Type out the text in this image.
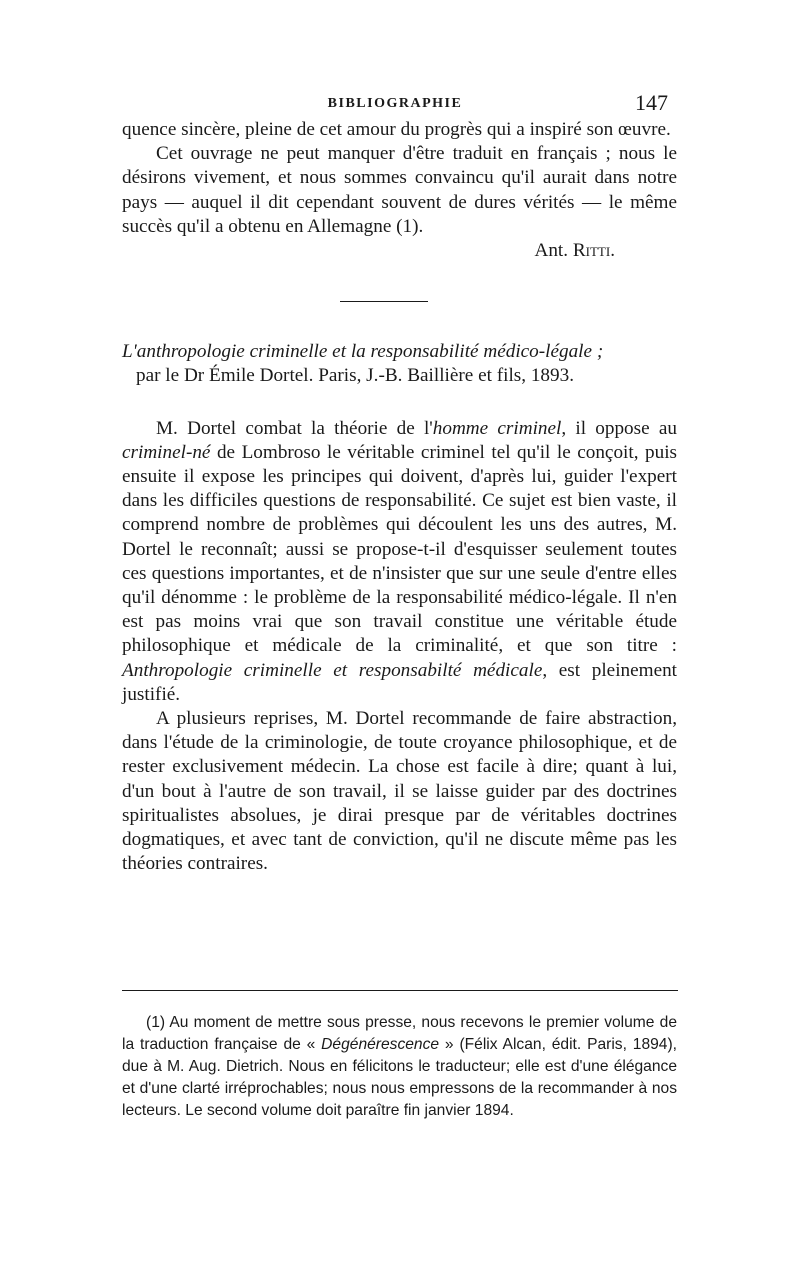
BIBLIOGRAPHIE	147

quence sincère, pleine de cet amour du progrès qui a inspiré son œuvre.

Cet ouvrage ne peut manquer d'être traduit en français ; nous le désirons vivement, et nous sommes convaincu qu'il aurait dans notre pays — auquel il dit cependant souvent de dures vérités — le même succès qu'il a obtenu en Allemagne (1).

Ant. Ritti.

L'anthropologie criminelle et la responsabilité médico-légale ;
par le Dr Émile Dortel. Paris, J.-B. Baillière et fils, 1893.

M. Dortel combat la théorie de l'homme criminel, il oppose au criminel-né de Lombroso le véritable criminel tel qu'il le conçoit, puis ensuite il expose les principes qui doivent, d'après lui, guider l'expert dans les difficiles questions de responsabilité. Ce sujet est bien vaste, il comprend nombre de problèmes qui découlent les uns des autres, M. Dortel le reconnaît; aussi se propose-t-il d'esquisser seulement toutes ces questions importantes, et de n'insister que sur une seule d'entre elles qu'il dénomme : le problème de la responsabilité médico-légale. Il n'en est pas moins vrai que son travail constitue une véritable étude philosophique et médicale de la criminalité, et que son titre : Anthropologie criminelle et responsabilté médicale, est pleinement justifié.

A plusieurs reprises, M. Dortel recommande de faire abstraction, dans l'étude de la criminologie, de toute croyance philosophique, et de rester exclusivement médecin. La chose est facile à dire; quant à lui, d'un bout à l'autre de son travail, il se laisse guider par des doctrines spiritualistes absolues, je dirai presque par de véritables doctrines dogmatiques, et avec tant de conviction, qu'il ne discute même pas les théories contraires.

(1) Au moment de mettre sous presse, nous recevons le premier volume de la traduction française de « Dégénérescence » (Félix Alcan, édit. Paris, 1894), due à M. Aug. Dietrich. Nous en félicitons le traducteur; elle est d'une élégance et d'une clarté irréprochables; nous nous empressons de la recommander à nos lecteurs. Le second volume doit paraître fin janvier 1894.
